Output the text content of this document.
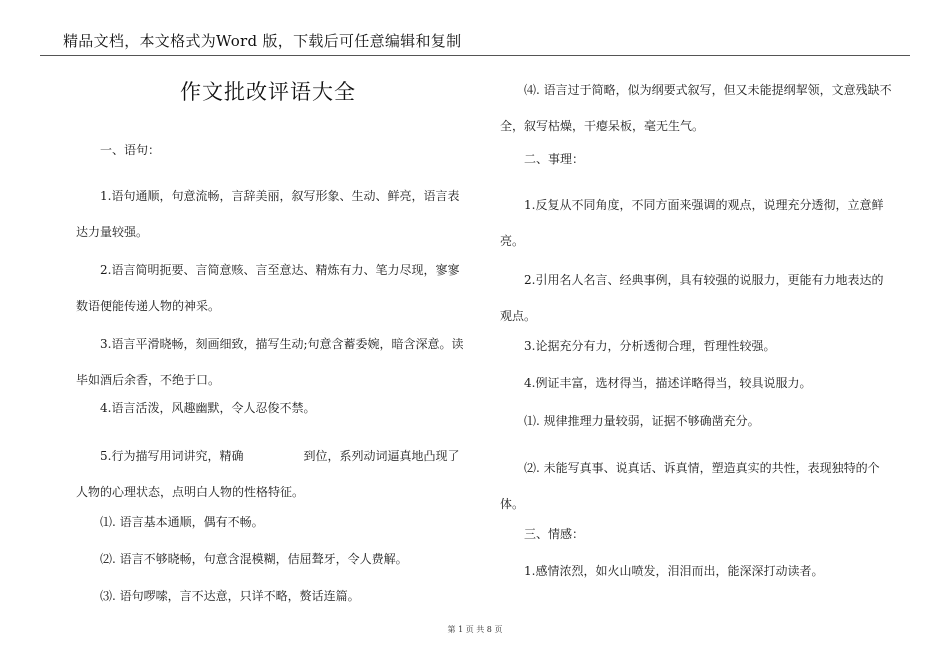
精品文档，本文格式为Word 版，下载后可任意编辑和复制
作文批改评语大全

一、语句：

1.语句通顺，句意流畅，言辞美丽，叙写形象、生动、鲜亮，语言表达力量较强。

2.语言简明扼要、言简意赅、言至意达、精炼有力、笔力尽现，寥寥数语便能传递人物的神采。

3.语言平滑晓畅，刻画细致，描写生动;句意含蓄委婉，暗含深意。读毕如酒后余香，不绝于口。

4.语言活泼，风趣幽默，令人忍俊不禁。

5.行为描写用词讲究，精确　　　　　到位，系列动词逼真地凸现了人物的心理状态，点明白人物的性格特征。

⑴. 语言基本通顺，偶有不畅。

⑵. 语言不够晓畅，句意含混模糊，佶屈聱牙，令人费解。

⑶. 语句啰嗦，言不达意，只详不略，赘话连篇。

⑷. 语言过于简略，似为纲要式叙写，但又未能提纲挈领，文意残缺不全，叙写枯燥，干瘪呆板，毫无生气。

二、事理：

1.反复从不同角度，不同方面来强调的观点，说理充分透彻，立意鲜亮。

2.引用名人名言、经典事例，具有较强的说服力，更能有力地表达的观点。

3.论据充分有力，分析透彻合理，哲理性较强。

4.例证丰富，选材得当，描述详略得当，较具说服力。

⑴. 规律推理力量较弱，证据不够确凿充分。

⑵. 未能写真事、说真话、诉真情，塑造真实的共性，表现独特的个体。

三、情感：

1.感情浓烈，如火山喷发，泪泪而出，能深深打动读者。

第 1 页 共 8 页
